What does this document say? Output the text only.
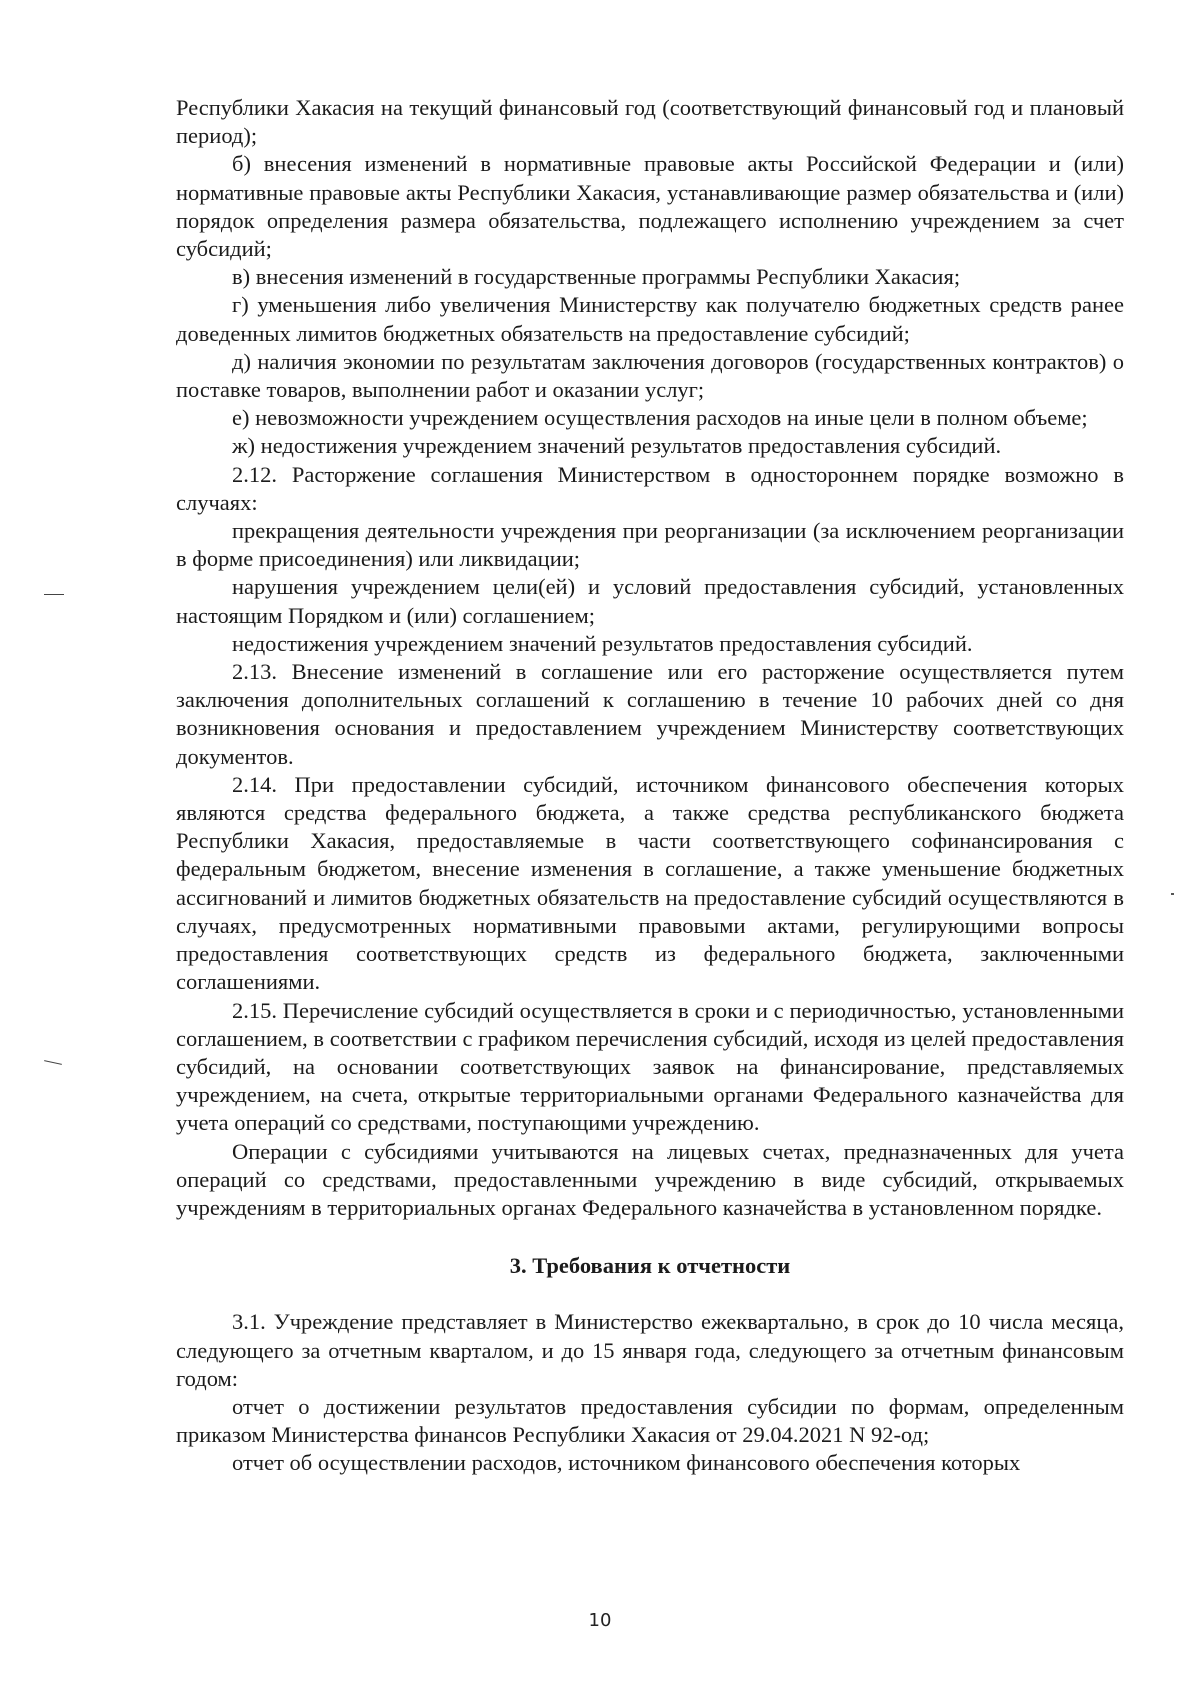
Республики Хакасия на текущий финансовый год (соответствующий финансовый год и плановый период);

б) внесения изменений в нормативные правовые акты Российской Федерации и (или) нормативные правовые акты Республики Хакасия, устанавливающие размер обязательства и (или) порядок определения размера обязательства, подлежащего исполнению учреждением за счет субсидий;

в) внесения изменений в государственные программы Республики Хакасия;

г) уменьшения либо увеличения Министерству как получателю бюджетных средств ранее доведенных лимитов бюджетных обязательств на предоставление субсидий;

д) наличия экономии по результатам заключения договоров (государственных контрактов) о поставке товаров, выполнении работ и оказании услуг;

е) невозможности учреждением осуществления расходов на иные цели в полном объеме;

ж) недостижения учреждением значений результатов предоставления субсидий.

2.12. Расторжение соглашения Министерством в одностороннем порядке возможно в случаях:

прекращения деятельности учреждения при реорганизации (за исключением реорганизации в форме присоединения) или ликвидации;

нарушения учреждением цели(ей) и условий предоставления субсидий, установленных настоящим Порядком и (или) соглашением;

недостижения учреждением значений результатов предоставления субсидий.

2.13. Внесение изменений в соглашение или его расторжение осуществляется путем заключения дополнительных соглашений к соглашению в течение 10 рабочих дней со дня возникновения основания и предоставлением учреждением Министерству соответствующих документов.

2.14. При предоставлении субсидий, источником финансового обеспечения которых являются средства федерального бюджета, а также средства республиканского бюджета Республики Хакасия, предоставляемые в части соответствующего софинансирования с федеральным бюджетом, внесение изменения в соглашение, а также уменьшение бюджетных ассигнований и лимитов бюджетных обязательств на предоставление субсидий осуществляются в случаях, предусмотренных нормативными правовыми актами, регулирующими вопросы предоставления соответствующих средств из федерального бюджета, заключенными соглашениями.

2.15. Перечисление субсидий осуществляется в сроки и с периодичностью, установленными соглашением, в соответствии с графиком перечисления субсидий, исходя из целей предоставления субсидий, на основании соответствующих заявок на финансирование, представляемых учреждением, на счета, открытые территориальными органами Федерального казначейства для учета операций со средствами, поступающими учреждению.

Операции с субсидиями учитываются на лицевых счетах, предназначенных для учета операций со средствами, предоставленными учреждению в виде субсидий, открываемых учреждениям в территориальных органах Федерального казначейства в установленном порядке.

3. Требования к отчетности

3.1. Учреждение представляет в Министерство ежеквартально, в срок до 10 числа месяца, следующего за отчетным кварталом, и до 15 января года, следующего за отчетным финансовым годом:

отчет о достижении результатов предоставления субсидии по формам, определенным приказом Министерства финансов Республики Хакасия от 29.04.2021 N 92-од;

отчет об осуществлении расходов, источником финансового обеспечения которых

10
